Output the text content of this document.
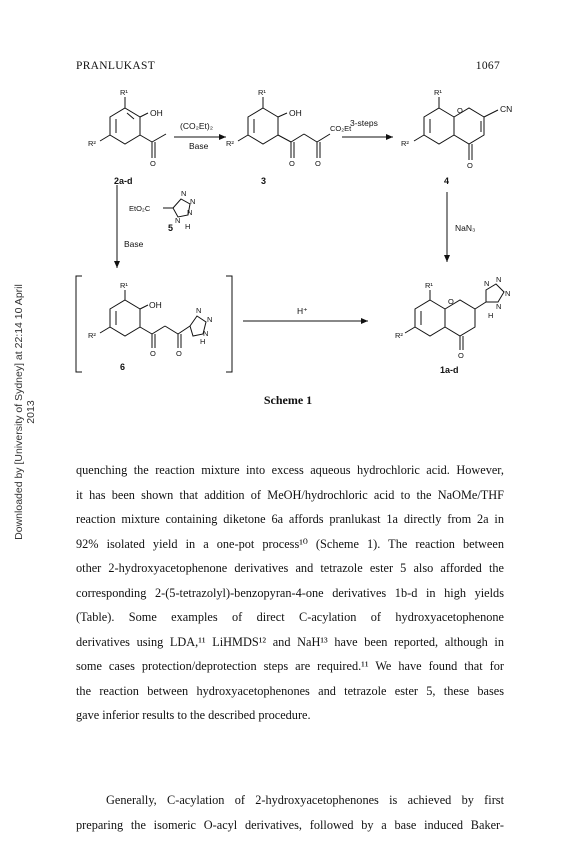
PRANLUKAST	1067
Downloaded by [University of Sydney] at 22:14 10 April 2013
R¹
OH
R²
O
2a-d
(CO₂Et)₂
Base
R¹
OH
R²
O	O
CO₂Et
3
3-steps
R¹
O	CN
R²
O
4
EtO₂C
N
N
N
N
H
5
Base
NaN₃
R¹
OH
R²
O	O
N
N
N
H
6
H⁺
R¹
O
R²
O
N N
N
N
H
1a-d
Scheme 1
quenching the reaction mixture into excess aqueous hydrochloric acid. However,
it has been shown that addition of MeOH/hydrochloric acid to the NaOMe/THF
reaction mixture containing diketone 6a affords pranlukast 1a directly from 2a in
92% isolated yield in a one-pot process¹⁰ (Scheme 1). The reaction between
other 2-hydroxyacetophenone derivatives and tetrazole ester 5 also afforded the
corresponding 2-(5-tetrazolyl)-benzopyran-4-one derivatives 1b-d in high yields
(Table). Some examples of direct C-acylation of hydroxyacetophenone
derivatives using LDA,¹¹ LiHMDS¹² and NaH¹³ have been reported, although in
some cases protection/deprotection steps are required.¹¹ We have found that for
the reaction between hydroxyacetophenones and tetrazole ester 5, these bases
gave inferior results to the described procedure.
Generally, C-acylation of 2-hydroxyacetophenones is achieved by first
preparing the isomeric O-acyl derivatives, followed by a base induced Baker-
